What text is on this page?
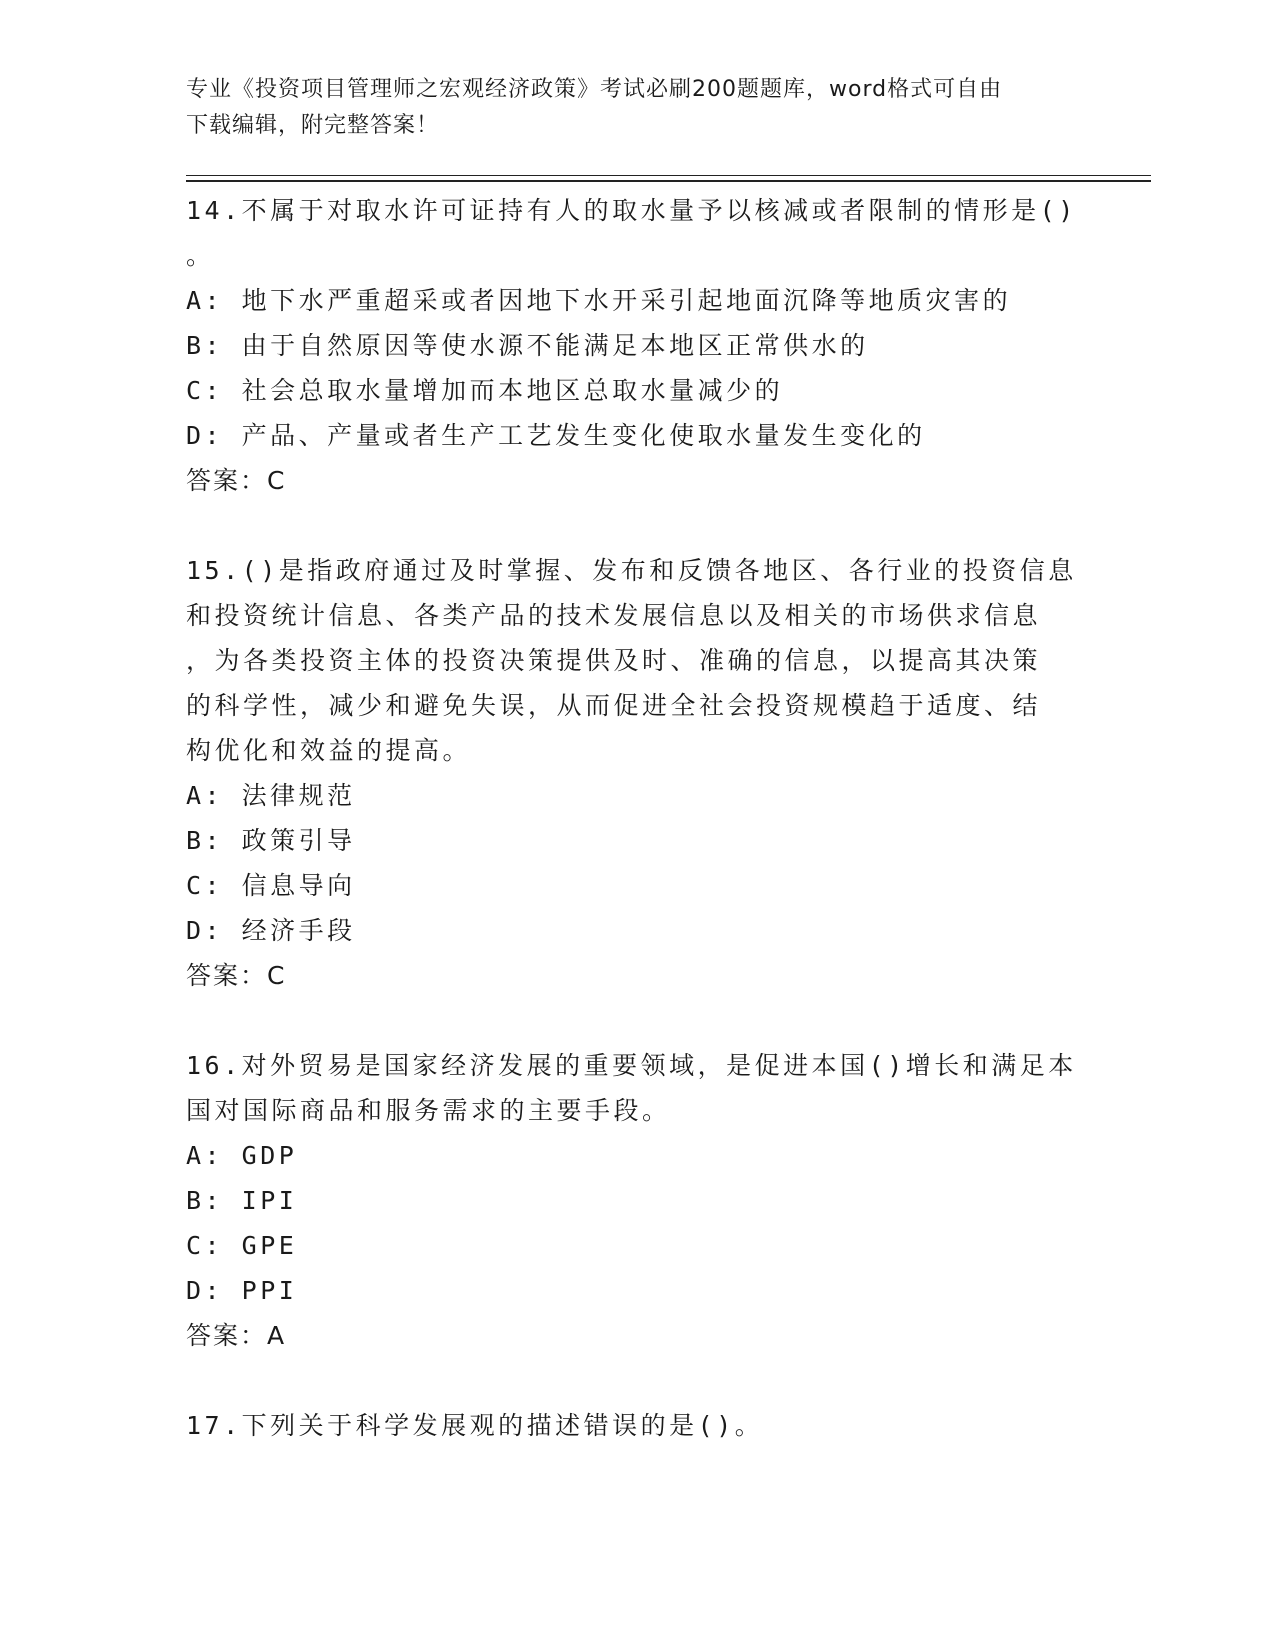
专业《投资项目管理师之宏观经济政策》考试必刷200题题库，word格式可自由
下载编辑，附完整答案！

14.不属于对取水许可证持有人的取水量予以核减或者限制的情形是()

。

A: 地下水严重超采或者因地下水开采引起地面沉降等地质灾害的

B: 由于自然原因等使水源不能满足本地区正常供水的

C: 社会总取水量增加而本地区总取水量减少的

D: 产品、产量或者生产工艺发生变化使取水量发生变化的

答案：C

15.()是指政府通过及时掌握、发布和反馈各地区、各行业的投资信息

和投资统计信息、各类产品的技术发展信息以及相关的市场供求信息

，为各类投资主体的投资决策提供及时、准确的信息，以提高其决策

的科学性，减少和避免失误，从而促进全社会投资规模趋于适度、结

构优化和效益的提高。

A: 法律规范

B: 政策引导

C: 信息导向

D: 经济手段

答案：C

16.对外贸易是国家经济发展的重要领域，是促进本国()增长和满足本

国对国际商品和服务需求的主要手段。

A: GDP

B: IPI

C: GPE

D: PPI

答案：A

17.下列关于科学发展观的描述错误的是()。
